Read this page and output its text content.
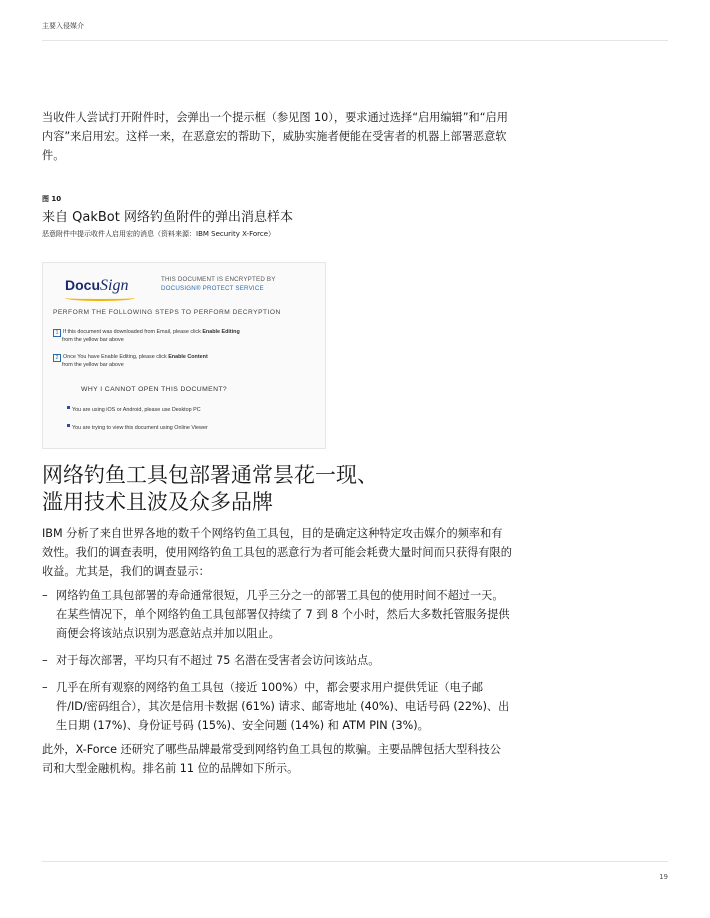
主要入侵媒介
当收件人尝试打开附件时，会弹出一个提示框（参见图 10），要求通过选择“启用编辑”和“启用内容”来启用宏。这样一来，在恶意宏的帮助下，威胁实施者便能在受害者的机器上部署恶意软件。
图 10
来自 QakBot 网络钓鱼附件的弹出消息样本
恶意附件中提示收件人启用宏的消息（资料来源：IBM Security X-Force）
DocuSign	THIS DOCUMENT IS ENCRYPTED BY
DOCUSIGN® PROTECT SERVICE
PERFORM THE FOLLOWING STEPS TO PERFORM DECRYPTION
1 If this document was downloaded from Email, please click Enable Editing
from the yellow bar above
2 Once You have Enable Editing, please click Enable Content
from the yellow bar above
WHY I CANNOT OPEN THIS DOCUMENT?
You are using iOS or Android, please use Desktop PC
You are trying to view this document using Online Viewer
网络钓鱼工具包部署通常昙花一现、
滥用技术且波及众多品牌
IBM 分析了来自世界各地的数千个网络钓鱼工具包，目的是确定这种特定攻击媒介的频率和有效性。我们的调查表明，使用网络钓鱼工具包的恶意行为者可能会耗费大量时间而只获得有限的收益。尤其是，我们的调查显示：
– 网络钓鱼工具包部署的寿命通常很短，几乎三分之一的部署工具包的使用时间不超过一天。在某些情况下，单个网络钓鱼工具包部署仅持续了 7 到 8 个小时，然后大多数托管服务提供商便会将该站点识别为恶意站点并加以阻止。
– 对于每次部署，平均只有不超过 75 名潜在受害者会访问该站点。
– 几乎在所有观察的网络钓鱼工具包（接近 100%）中，都会要求用户提供凭证（电子邮件/ID/密码组合），其次是信用卡数据 (61%) 请求、邮寄地址 (40%)、电话号码 (22%)、出生日期 (17%)、身份证号码 (15%)、安全问题 (14%) 和 ATM PIN (3%)。
此外，X-Force 还研究了哪些品牌最常受到网络钓鱼工具包的欺骗。主要品牌包括大型科技公司和大型金融机构。排名前 11 位的品牌如下所示。
19
